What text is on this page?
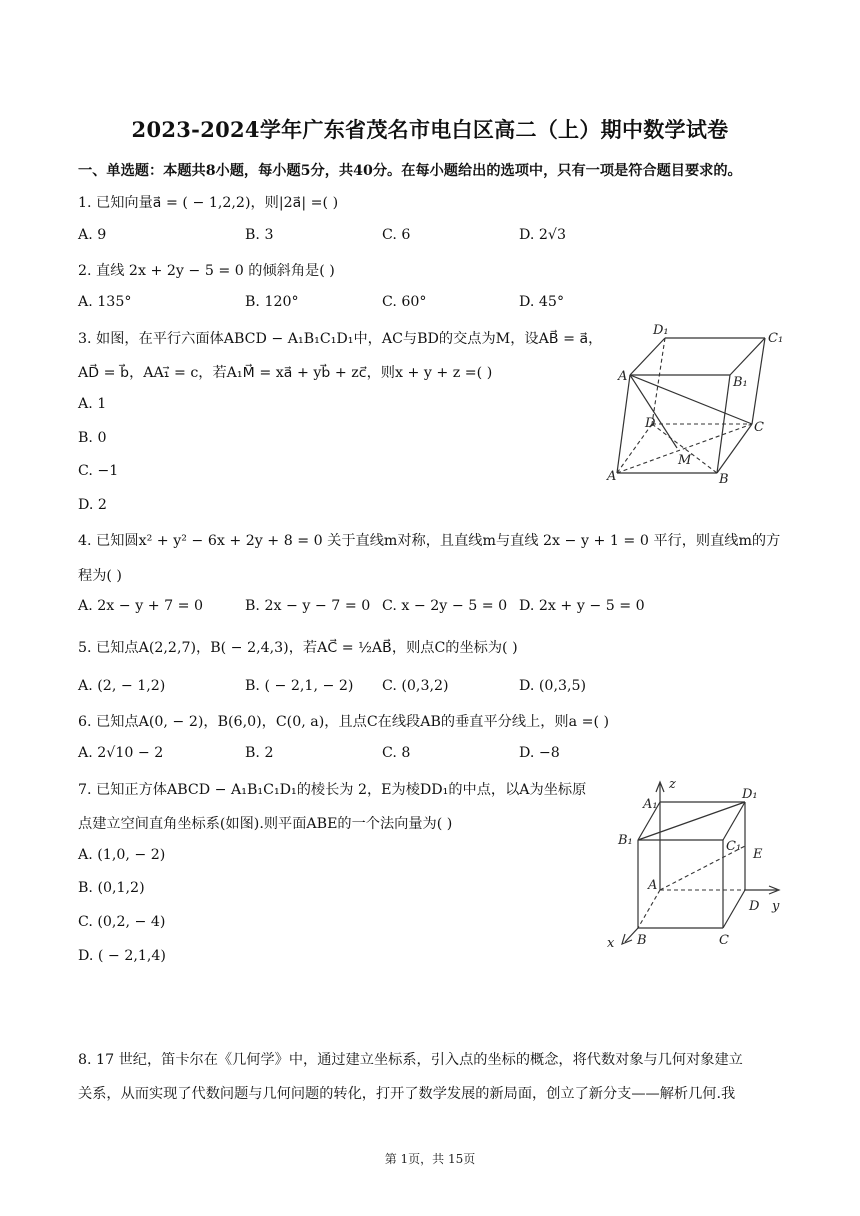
2023-2024学年广东省茂名市电白区高二（上）期中数学试卷
一、单选题：本题共8小题，每小题5分，共40分。在每小题给出的选项中，只有一项是符合题目要求的。
1. 已知向量a⃗ = ( − 1,2,2)，则|2a⃗| =( )
A. 9	B. 3	C. 6	D. 2√3
2. 直线 2x + 2y − 5 = 0 的倾斜角是( )
A. 135°	B. 120°	C. 60°	D. 45°
3. 如图，在平行六面体ABCD − A₁B₁C₁D₁中，AC与BD的交点为M，设AB⃗ = a⃗，
AD⃗ = b⃗，AA₁⃗ = c，若A₁M⃗ = xa⃗ + yb⃗ + zc⃗，则x + y + z =( )
A. 1
B. 0
C. −1
D. 2
D₁
C₁
A	B₁
D	C
M
A	B
4. 已知圆x² + y² − 6x + 2y + 8 = 0 关于直线m对称，且直线m与直线 2x − y + 1 = 0 平行，则直线m的方
程为( )
A. 2x − y + 7 = 0	B. 2x − y − 7 = 0 C. x − 2y − 5 = 0 D. 2x + y − 5 = 0
5. 已知点A(2,2,7)，B( − 2,4,3)，若AC⃗ = ½AB⃗，则点C的坐标为( )
A. (2, − 1,2)	B. ( − 2,1, − 2) C. (0,3,2)	D. (0,3,5)
6. 已知点A(0, − 2)，B(6,0)，C(0, a)，且点C在线段AB的垂直平分线上，则a =( )
A. 2√10 − 2	B. 2	C. 8	D. −8
7. 已知正方体ABCD − A₁B₁C₁D₁的棱长为 2，E为棱DD₁的中点，以A为坐标原
点建立空间直角坐标系(如图).则平面ABE的一个法向量为( )
A. (1,0, − 2)
B. (0,1,2)
C. (0,2, − 4)
D. ( − 2,1,4)
z
A₁
D₁
B₁	C₁
E
A
D y
x B	C
8. 17 世纪，笛卡尔在《几何学》中，通过建立坐标系，引入点的坐标的概念，将代数对象与几何对象建立
关系，从而实现了代数问题与几何问题的转化，打开了数学发展的新局面，创立了新分支——解析几何.我
第 1页，共 15页
